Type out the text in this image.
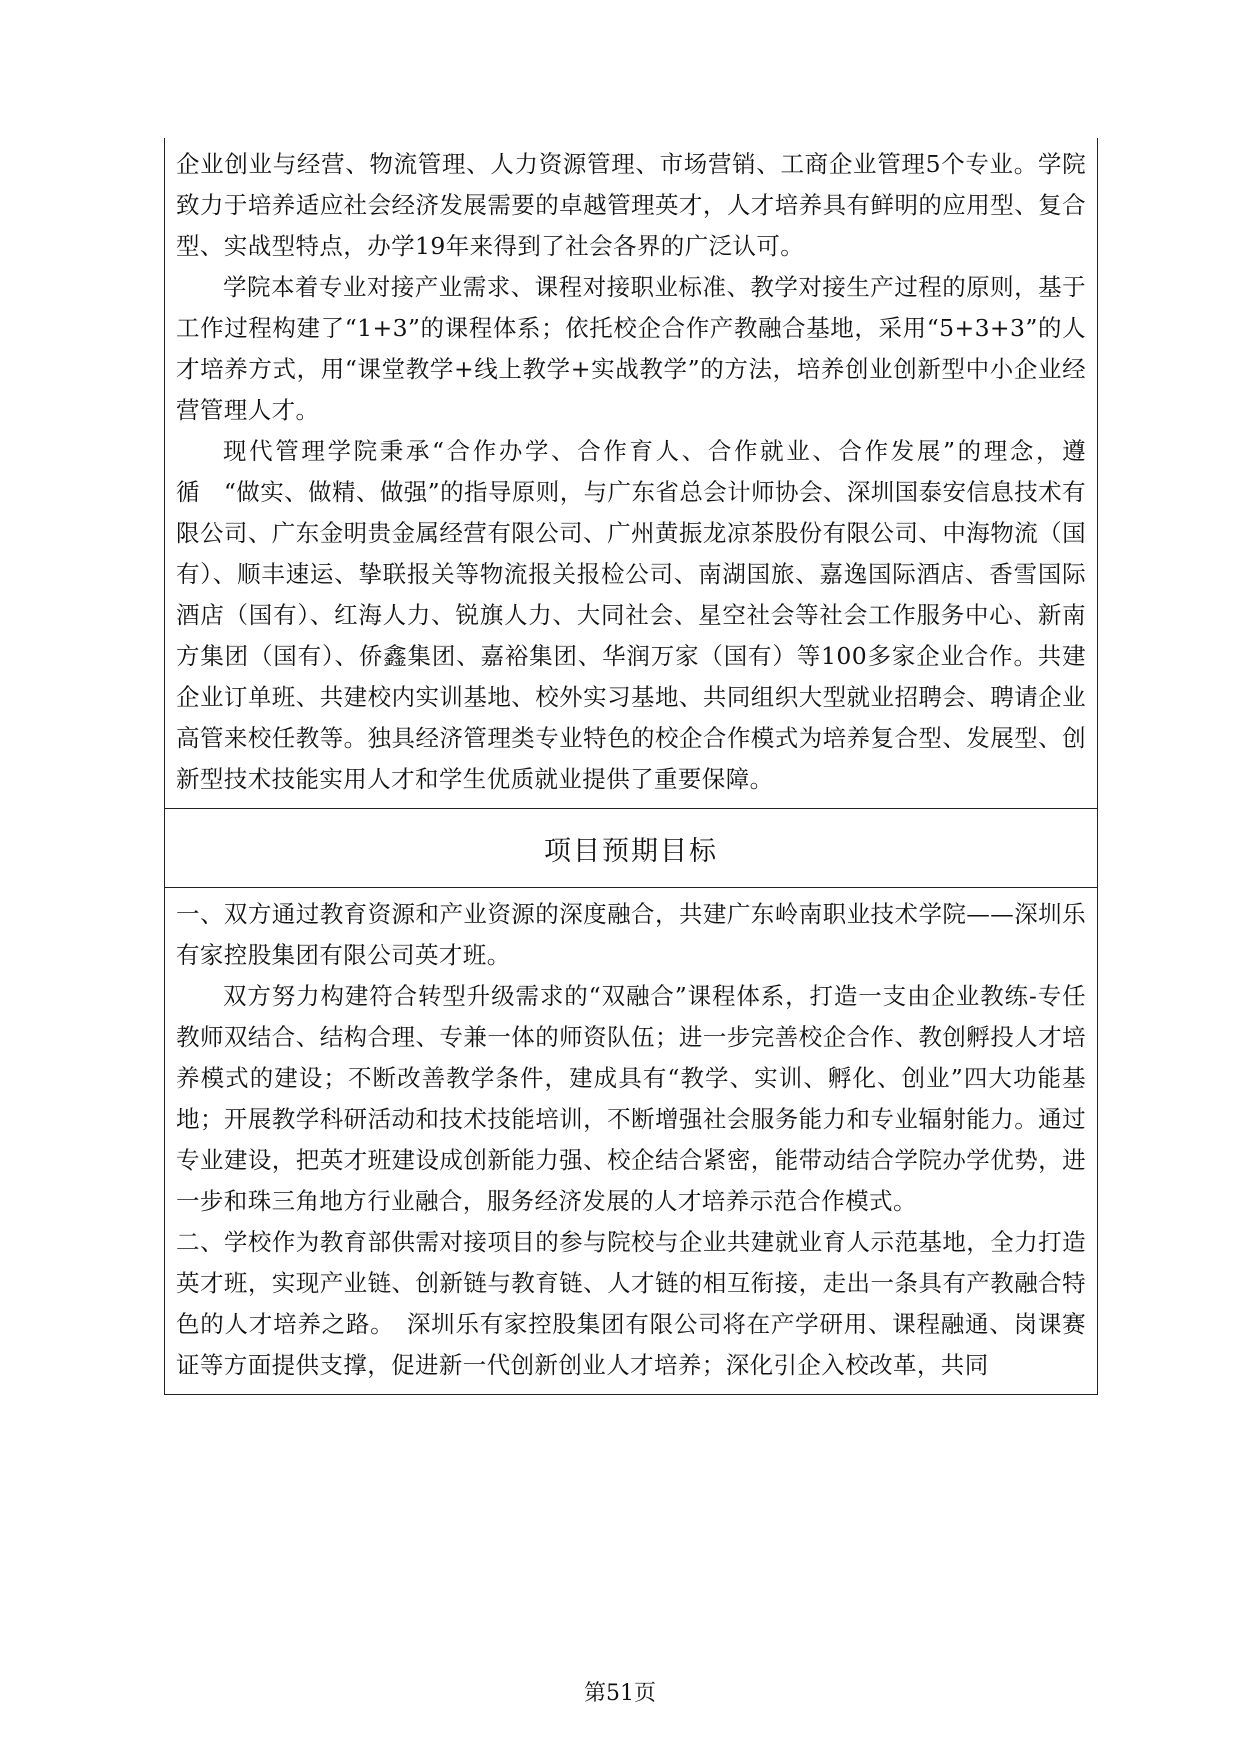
企业创业与经营、物流管理、人力资源管理、市场营销、工商企业管理5个专业。学院致力于培养适应社会经济发展需要的卓越管理英才，人才培养具有鲜明的应用型、复合型、实战型特点，办学19年来得到了社会各界的广泛认可。

学院本着专业对接产业需求、课程对接职业标准、教学对接生产过程的原则，基于工作过程构建了“1+3”的课程体系；依托校企合作产教融合基地，采用“5+3+3”的人才培养方式，用“课堂教学+线上教学+实战教学”的方法，培养创业创新型中小企业经营管理人才。

现代管理学院秉承“合作办学、合作育人、合作就业、合作发展”的理念，遵循　“做实、做精、做强”的指导原则，与广东省总会计师协会、深圳国泰安信息技术有限公司、广东金明贵金属经营有限公司、广州黄振龙凉茶股份有限公司、中海物流（国有）、顺丰速运、挚联报关等物流报关报检公司、南湖国旅、嘉逸国际酒店、香雪国际酒店（国有）、红海人力、锐旗人力、大同社会、星空社会等社会工作服务中心、新南方集团（国有）、侨鑫集团、嘉裕集团、华润万家（国有）等100多家企业合作。共建企业订单班、共建校内实训基地、校外实习基地、共同组织大型就业招聘会、聘请企业高管来校任教等。独具经济管理类专业特色的校企合作模式为培养复合型、发展型、创新型技术技能实用人才和学生优质就业提供了重要保障。

项目预期目标

一、双方通过教育资源和产业资源的深度融合，共建广东岭南职业技术学院——深圳乐有家控股集团有限公司英才班。

双方努力构建符合转型升级需求的“双融合”课程体系，打造一支由企业教练-专任教师双结合、结构合理、专兼一体的师资队伍；进一步完善校企合作、教创孵投人才培养模式的建设；不断改善教学条件，建成具有“教学、实训、孵化、创业”四大功能基地；开展教学科研活动和技术技能培训，不断增强社会服务能力和专业辐射能力。通过专业建设，把英才班建设成创新能力强、校企结合紧密，能带动结合学院办学优势，进一步和珠三角地方行业融合，服务经济发展的人才培养示范合作模式。

二、学校作为教育部供需对接项目的参与院校与企业共建就业育人示范基地，全力打造英才班，实现产业链、创新链与教育链、人才链的相互衔接，走出一条具有产教融合特色的人才培养之路。　深圳乐有家控股集团有限公司将在产学研用、课程融通、岗课赛证等方面提供支撑，促进新一代创新创业人才培养；深化引企入校改革，共同

第51页
